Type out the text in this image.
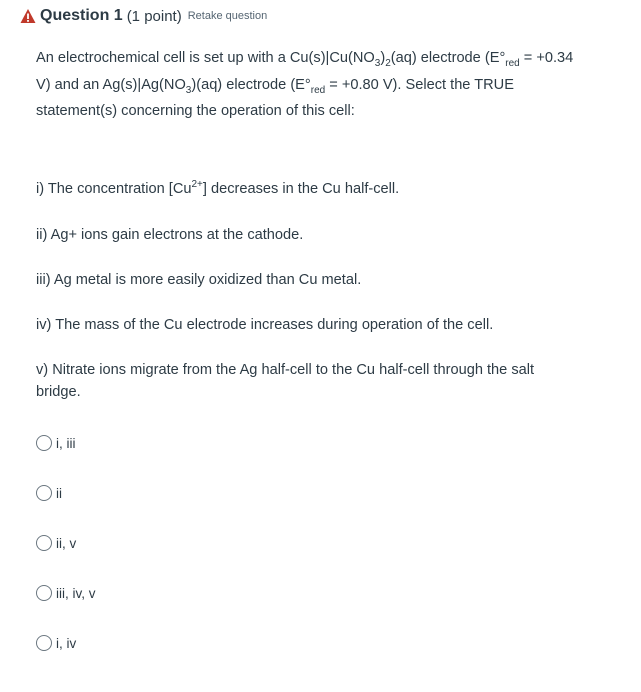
Question 1 (1 point) Retake question
An electrochemical cell is set up with a $Cu(s)|Cu(NO_3)_2(aq)$ electrode ($E^\circ_{red} = +0.34$
V) and an $Ag(s)|Ag(NO_3)(aq)$ electrode ($E^\circ_{red} = +0.80$ V). Select the TRUE
statement(s) concerning the operation of this cell:
i) The concentration $[Cu^{2+}]$ decreases in the Cu half-cell.
ii) Ag+ ions gain electrons at the cathode.
iii) Ag metal is more easily oxidized than Cu metal.
iv) The mass of the Cu electrode increases during operation of the cell.
v) Nitrate ions migrate from the Ag half-cell to the Cu half-cell through the salt
bridge.
i, iii
ii
ii, v
iii, iv, v
i, iv
